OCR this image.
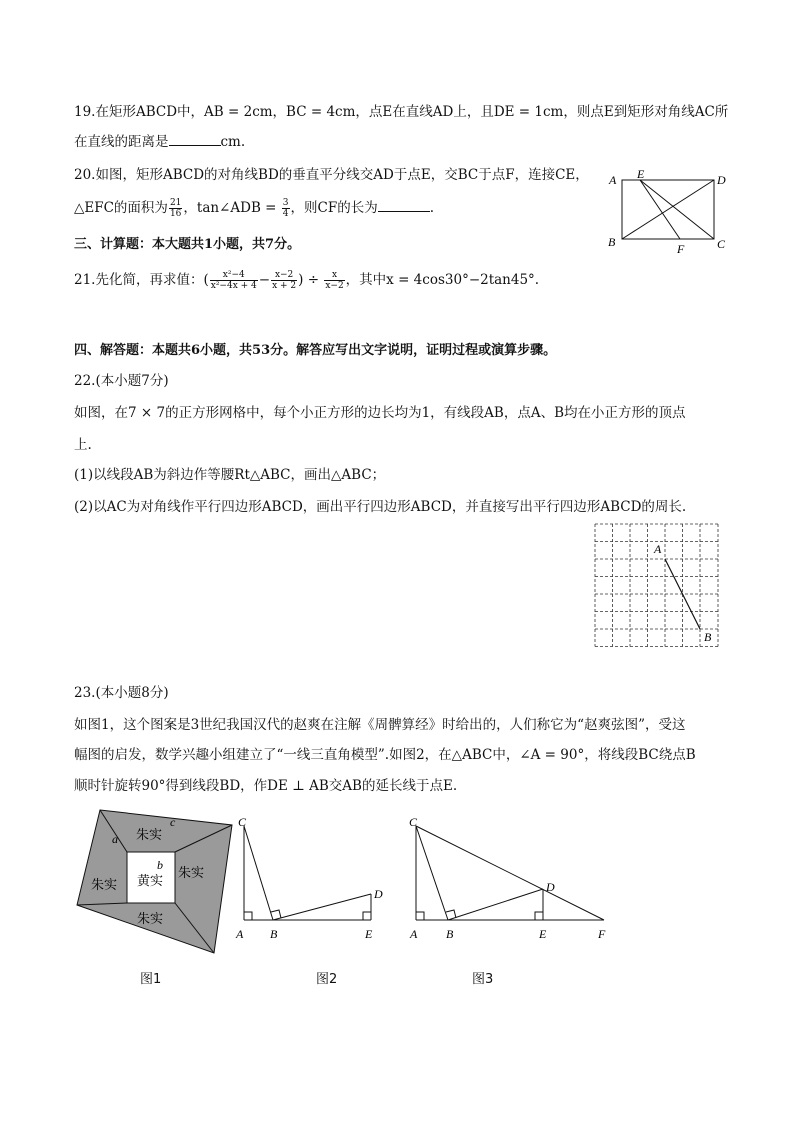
19.在矩形ABCD中，AB = 2cm，BC = 4cm，点E在直线AD上，且DE = 1cm，则点E到矩形对角线AC所
在直线的距离是	cm.
20.如图，矩形ABCD的对角线BD的垂直平分线交AD于点E，交BC于点F，连接CE，
△EFC的面积为 $\frac{21}{16}$ ，tan∠ADB = $\frac{3}{4}$ ，则CF的长为	.
A E	D
B	F	C
三、计算题：本大题共1小题，共7分。
21.先化简，再求值：( $\frac{\text{x²−4}}{\text{x²−4x + 4}} - \frac{x-2}{x + 2}$ ) ÷ $\frac{x}{x-2}$ ，其中x = 4cos30°−2tan45°.
四、解答题：本题共6小题，共53分。解答应写出文字说明，证明过程或演算步骤。
22.(本小题7分)
如图，在7 × 7的正方形网格中，每个小正方形的边长均为1，有线段AB，点A、B均在小正方形的顶点
上.
(1)以线段AB为斜边作等腰Rt△ABC，画出△ABC；
(2)以AC为对角线作平行四边形ABCD，画出平行四边形ABCD，并直接写出平行四边形ABCD的周长.
A
B
23.(本小题8分)
如图1，这个图案是3世纪我国汉代的赵爽在注解《周髀算经》时给出的，人们称它为“赵爽弦图”，受这
幅图的启发，数学兴趣小组建立了“一线三直角模型”.如图2，在△ABC中，∠A = 90°，将线段BC绕点B
顺时针旋转90°得到线段BD，作DE ⊥ AB交AB的延长线于点E.
a
c
b
朱实
朱实
朱实
朱实
黄实
图1
C
D
A B	E
图2
C
D
A B	E	F
图3
